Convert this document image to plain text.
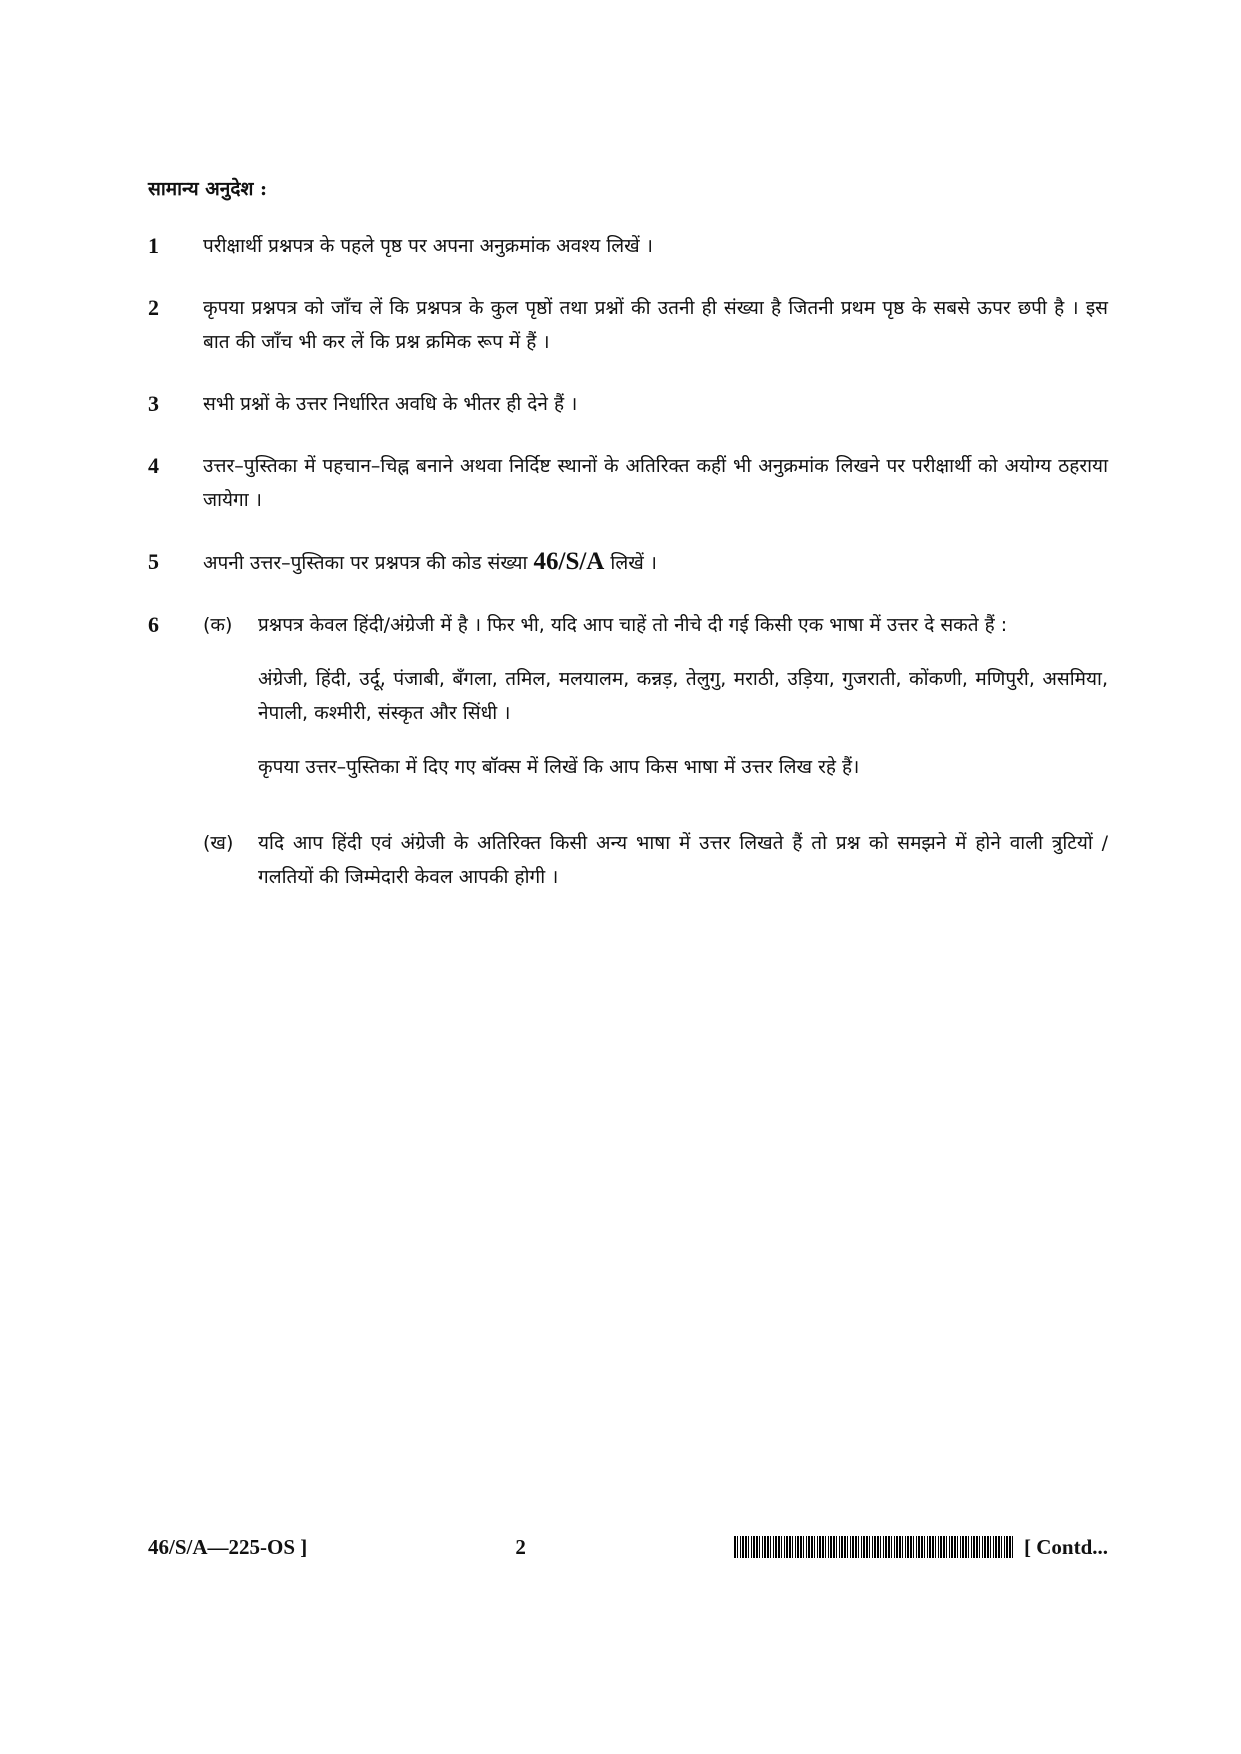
सामान्य अनुदेश :
1	परीक्षार्थी प्रश्नपत्र के पहले पृष्ठ पर अपना अनुक्रमांक अवश्य लिखें ।
2	कृपया प्रश्नपत्र को जाँच लें कि प्रश्नपत्र के कुल पृष्ठों तथा प्रश्नों की उतनी ही संख्या है जितनी प्रथम पृष्ठ के सबसे ऊपर छपी है । इस बात की जाँच भी कर लें कि प्रश्न क्रमिक रूप में हैं ।
3	सभी प्रश्नों के उत्तर निर्धारित अवधि के भीतर ही देने हैं ।
4	उत्तर–पुस्तिका में पहचान–चिह्न बनाने अथवा निर्दिष्ट स्थानों के अतिरिक्त कहीं भी अनुक्रमांक लिखने पर परीक्षार्थी को अयोग्य ठहराया जायेगा ।
5	अपनी उत्तर–पुस्तिका पर प्रश्नपत्र की कोड संख्या 46/S/A लिखें ।
6	(क)	प्रश्नपत्र केवल हिंदी/अंग्रेजी में है । फिर भी, यदि आप चाहें तो नीचे दी गई किसी एक भाषा में उत्तर दे सकते हैं :

अंग्रेजी, हिंदी, उर्दू, पंजाबी, बँगला, तमिल, मलयालम, कन्नड़, तेलुगु, मराठी, उड़िया, गुजराती, कोंकणी, मणिपुरी, असमिया, नेपाली, कश्मीरी, संस्कृत और सिंधी ।

कृपया उत्तर–पुस्तिका में दिए गए बॉक्स में लिखें कि आप किस भाषा में उत्तर लिख रहे हैं।

(ख)	यदि आप हिंदी एवं अंग्रेजी के अतिरिक्त किसी अन्य भाषा में उत्तर लिखते हैं तो प्रश्न को समझने में होने वाली त्रुटियों / गलतियों की जिम्मेदारी केवल आपकी होगी ।

46/S/A—225-OS ]	2	[ Contd...
